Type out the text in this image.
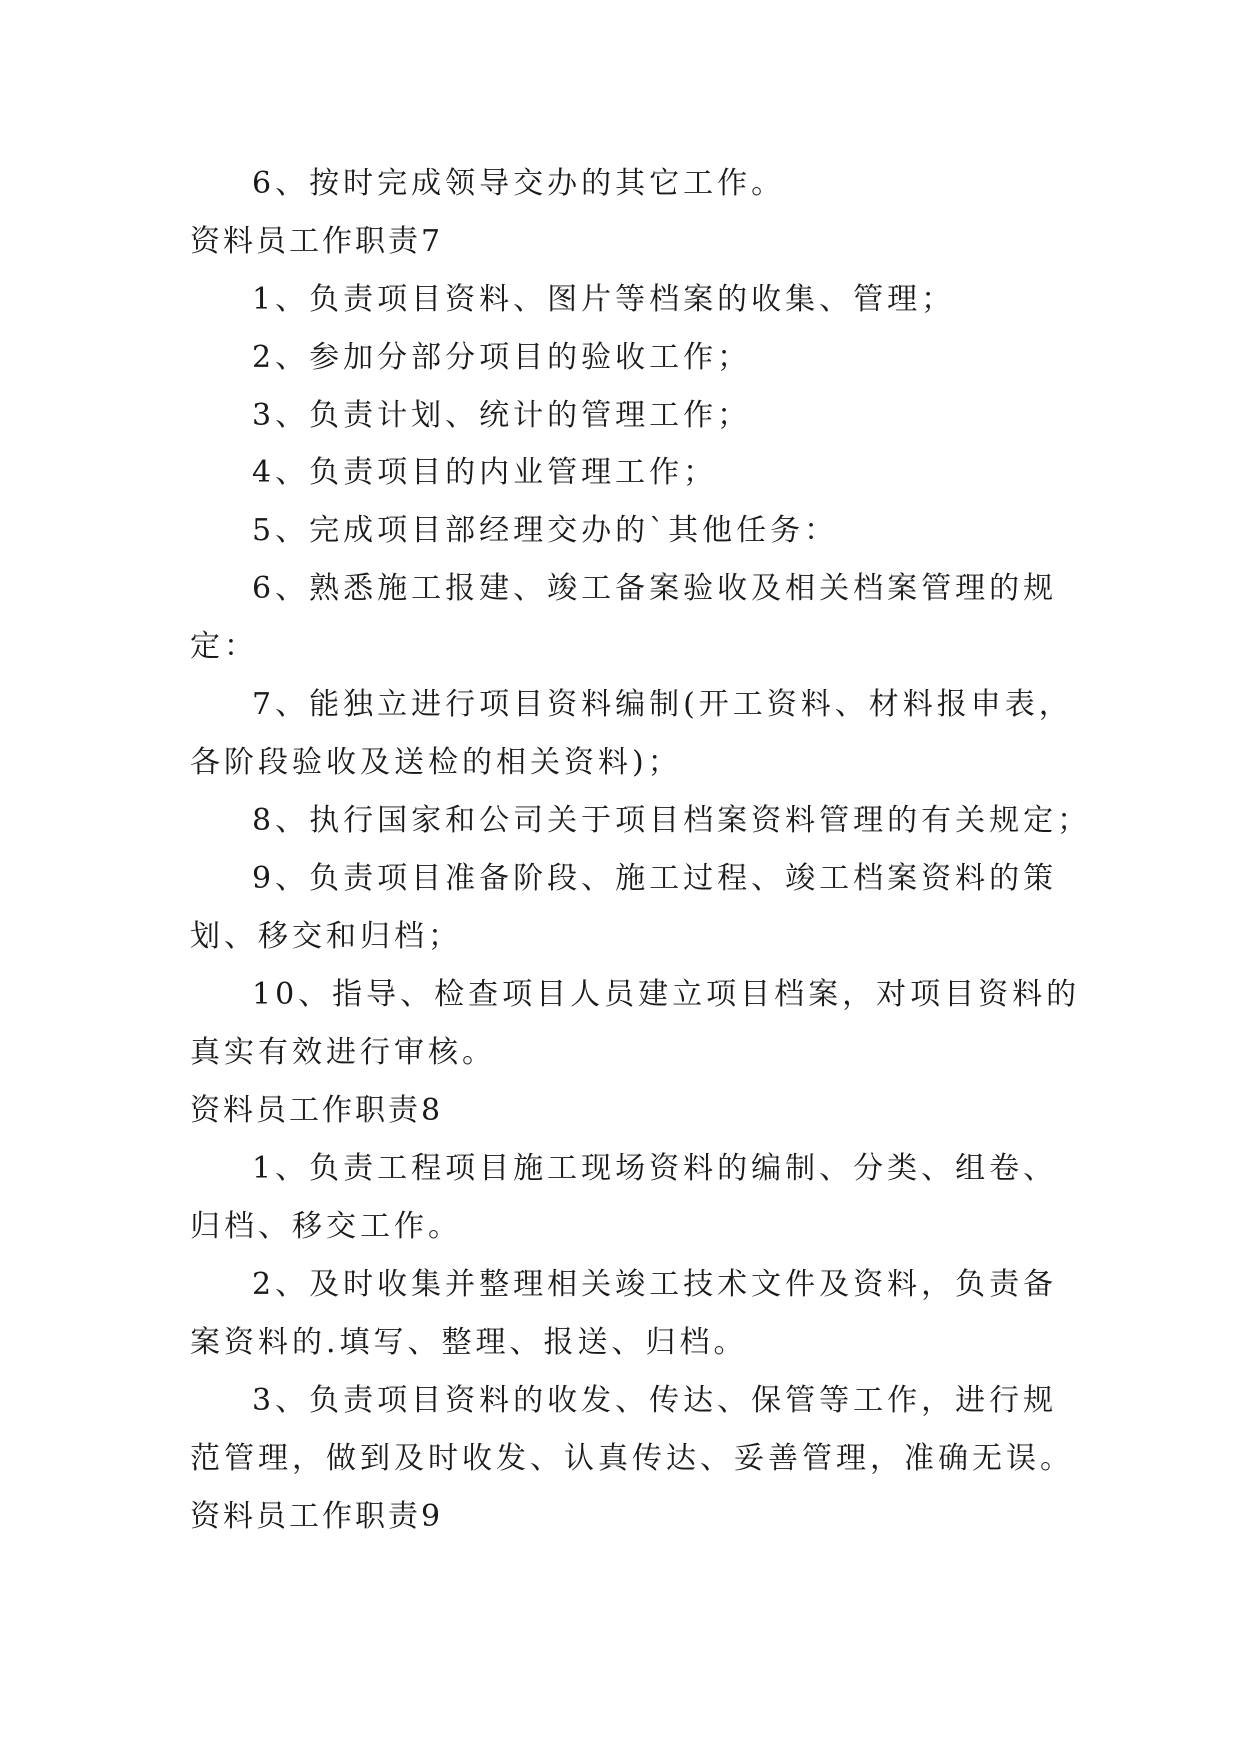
6、按时完成领导交办的其它工作。

资料员工作职责7

1、负责项目资料、图片等档案的收集、管理；

2、参加分部分项目的验收工作；

3、负责计划、统计的管理工作；

4、负责项目的内业管理工作；

5、完成项目部经理交办的`其他任务：

6、熟悉施工报建、竣工备案验收及相关档案管理的规

定：

7、能独立进行项目资料编制(开工资料、材料报申表，

各阶段验收及送检的相关资料)；

8、执行国家和公司关于项目档案资料管理的有关规定；

9、负责项目准备阶段、施工过程、竣工档案资料的策

划、移交和归档；

10、指导、检查项目人员建立项目档案，对项目资料的

真实有效进行审核。

资料员工作职责8

1、负责工程项目施工现场资料的编制、分类、组卷、

归档、移交工作。

2、及时收集并整理相关竣工技术文件及资料，负责备

案资料的.填写、整理、报送、归档。

3、负责项目资料的收发、传达、保管等工作，进行规

范管理，做到及时收发、认真传达、妥善管理，准确无误。

资料员工作职责9
